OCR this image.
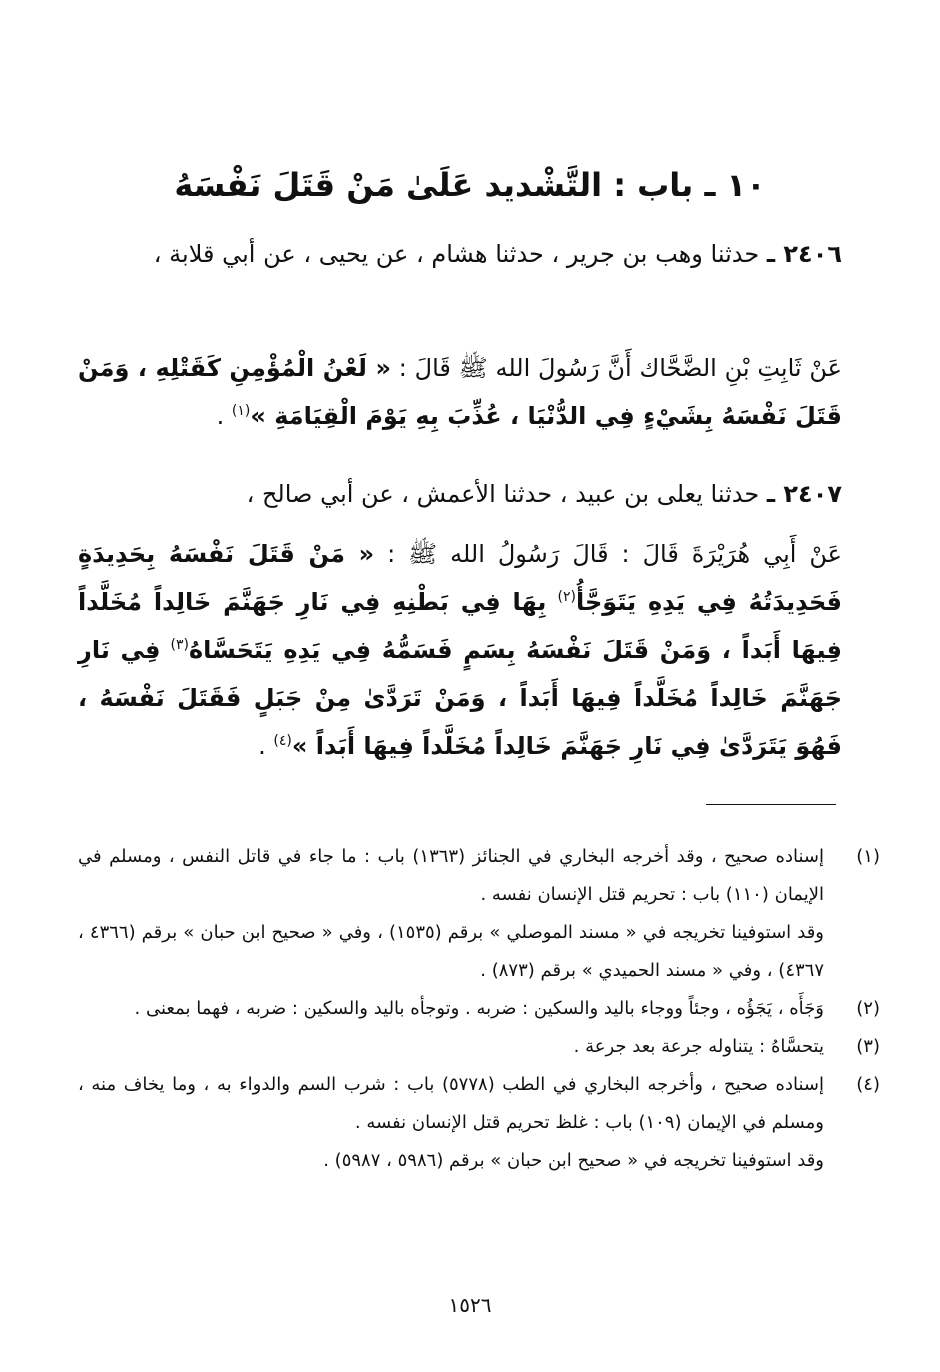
١٠ ـ باب : التَّشْديد عَلَىٰ مَنْ قَتَلَ نَفْسَهُ

٢٤٠٦ ـ حدثنا وهب بن جرير ، حدثنا هشام ، عن يحيى ، عن أبي قلابة ،

عَنْ ثَابِتِ بْنِ الضَّحَّاك أَنَّ رَسُولَ الله ﷺ قَالَ : « لَعْنُ الْمُؤْمِنِ كَقَتْلِهِ ، وَمَنْ قَتَلَ نَفْسَهُ بِشَيْءٍ فِي الدُّنْيَا ، عُذِّبَ بِهِ يَوْمَ الْقِيَامَةِ »$^{(١)}$ .

٢٤٠٧ ـ حدثنا يعلى بن عبيد ، حدثنا الأعمش ، عن أبي صالح ،

عَنْ أَبِي هُرَيْرَةَ قَالَ : قَالَ رَسُولُ الله ﷺ : « مَنْ قَتَلَ نَفْسَهُ بِحَدِيدَةٍ فَحَدِيدَتُهُ فِي يَدِهِ يَتَوَجَّأُ$^{(٢)}$ بِهَا فِي بَطْنِهِ فِي نَارِ جَهَنَّمَ خَالِداً مُخَلَّداً فِيهَا أَبَداً ، وَمَنْ قَتَلَ نَفْسَهُ بِسَمٍ فَسَمُّهُ فِي يَدِهِ يَتَحَسَّاهُ$^{(٣)}$ فِي نَارِ جَهَنَّمَ خَالِداً مُخَلَّداً فِيهَا أَبَداً ، وَمَنْ تَرَدَّىٰ مِنْ جَبَلٍ فَقَتَلَ نَفْسَهُ ، فَهُوَ يَتَرَدَّىٰ فِي نَارِ جَهَنَّمَ خَالِداً مُخَلَّداً فِيهَا أَبَداً »$^{(٤)}$ .

(١)
إسناده صحيح ، وقد أخرجه البخاري في الجنائز (١٣٦٣) باب : ما جاء في قاتل النفس ، ومسلم في الإيمان (١١٠) باب : تحريم قتل الإنسان نفسه .
وقد استوفينا تخريجه في « مسند الموصلي » برقم (١٥٣٥) ، وفي « صحيح ابن حبان » برقم (٤٣٦٦ ، ٤٣٦٧) ، وفي « مسند الحميدي » برقم (٨٧٣) .
(٢)
وَجَأَه ، يَجَؤُه ، وجئاً ووجاء باليد والسكين : ضربه . وتوجأه باليد والسكين : ضربه ، فهما بمعنى .
(٣)
يتحسَّاهُ : يتناوله جرعة بعد جرعة .
(٤)
إسناده صحيح ، وأخرجه البخاري في الطب (٥٧٧٨) باب : شرب السم والدواء به ، وما يخاف منه ، ومسلم في الإيمان (١٠٩) باب : غلظ تحريم قتل الإنسان نفسه .
وقد استوفينا تخريجه في « صحيح ابن حبان » برقم (٥٩٨٦ ، ٥٩٨٧) .

١٥٢٦
